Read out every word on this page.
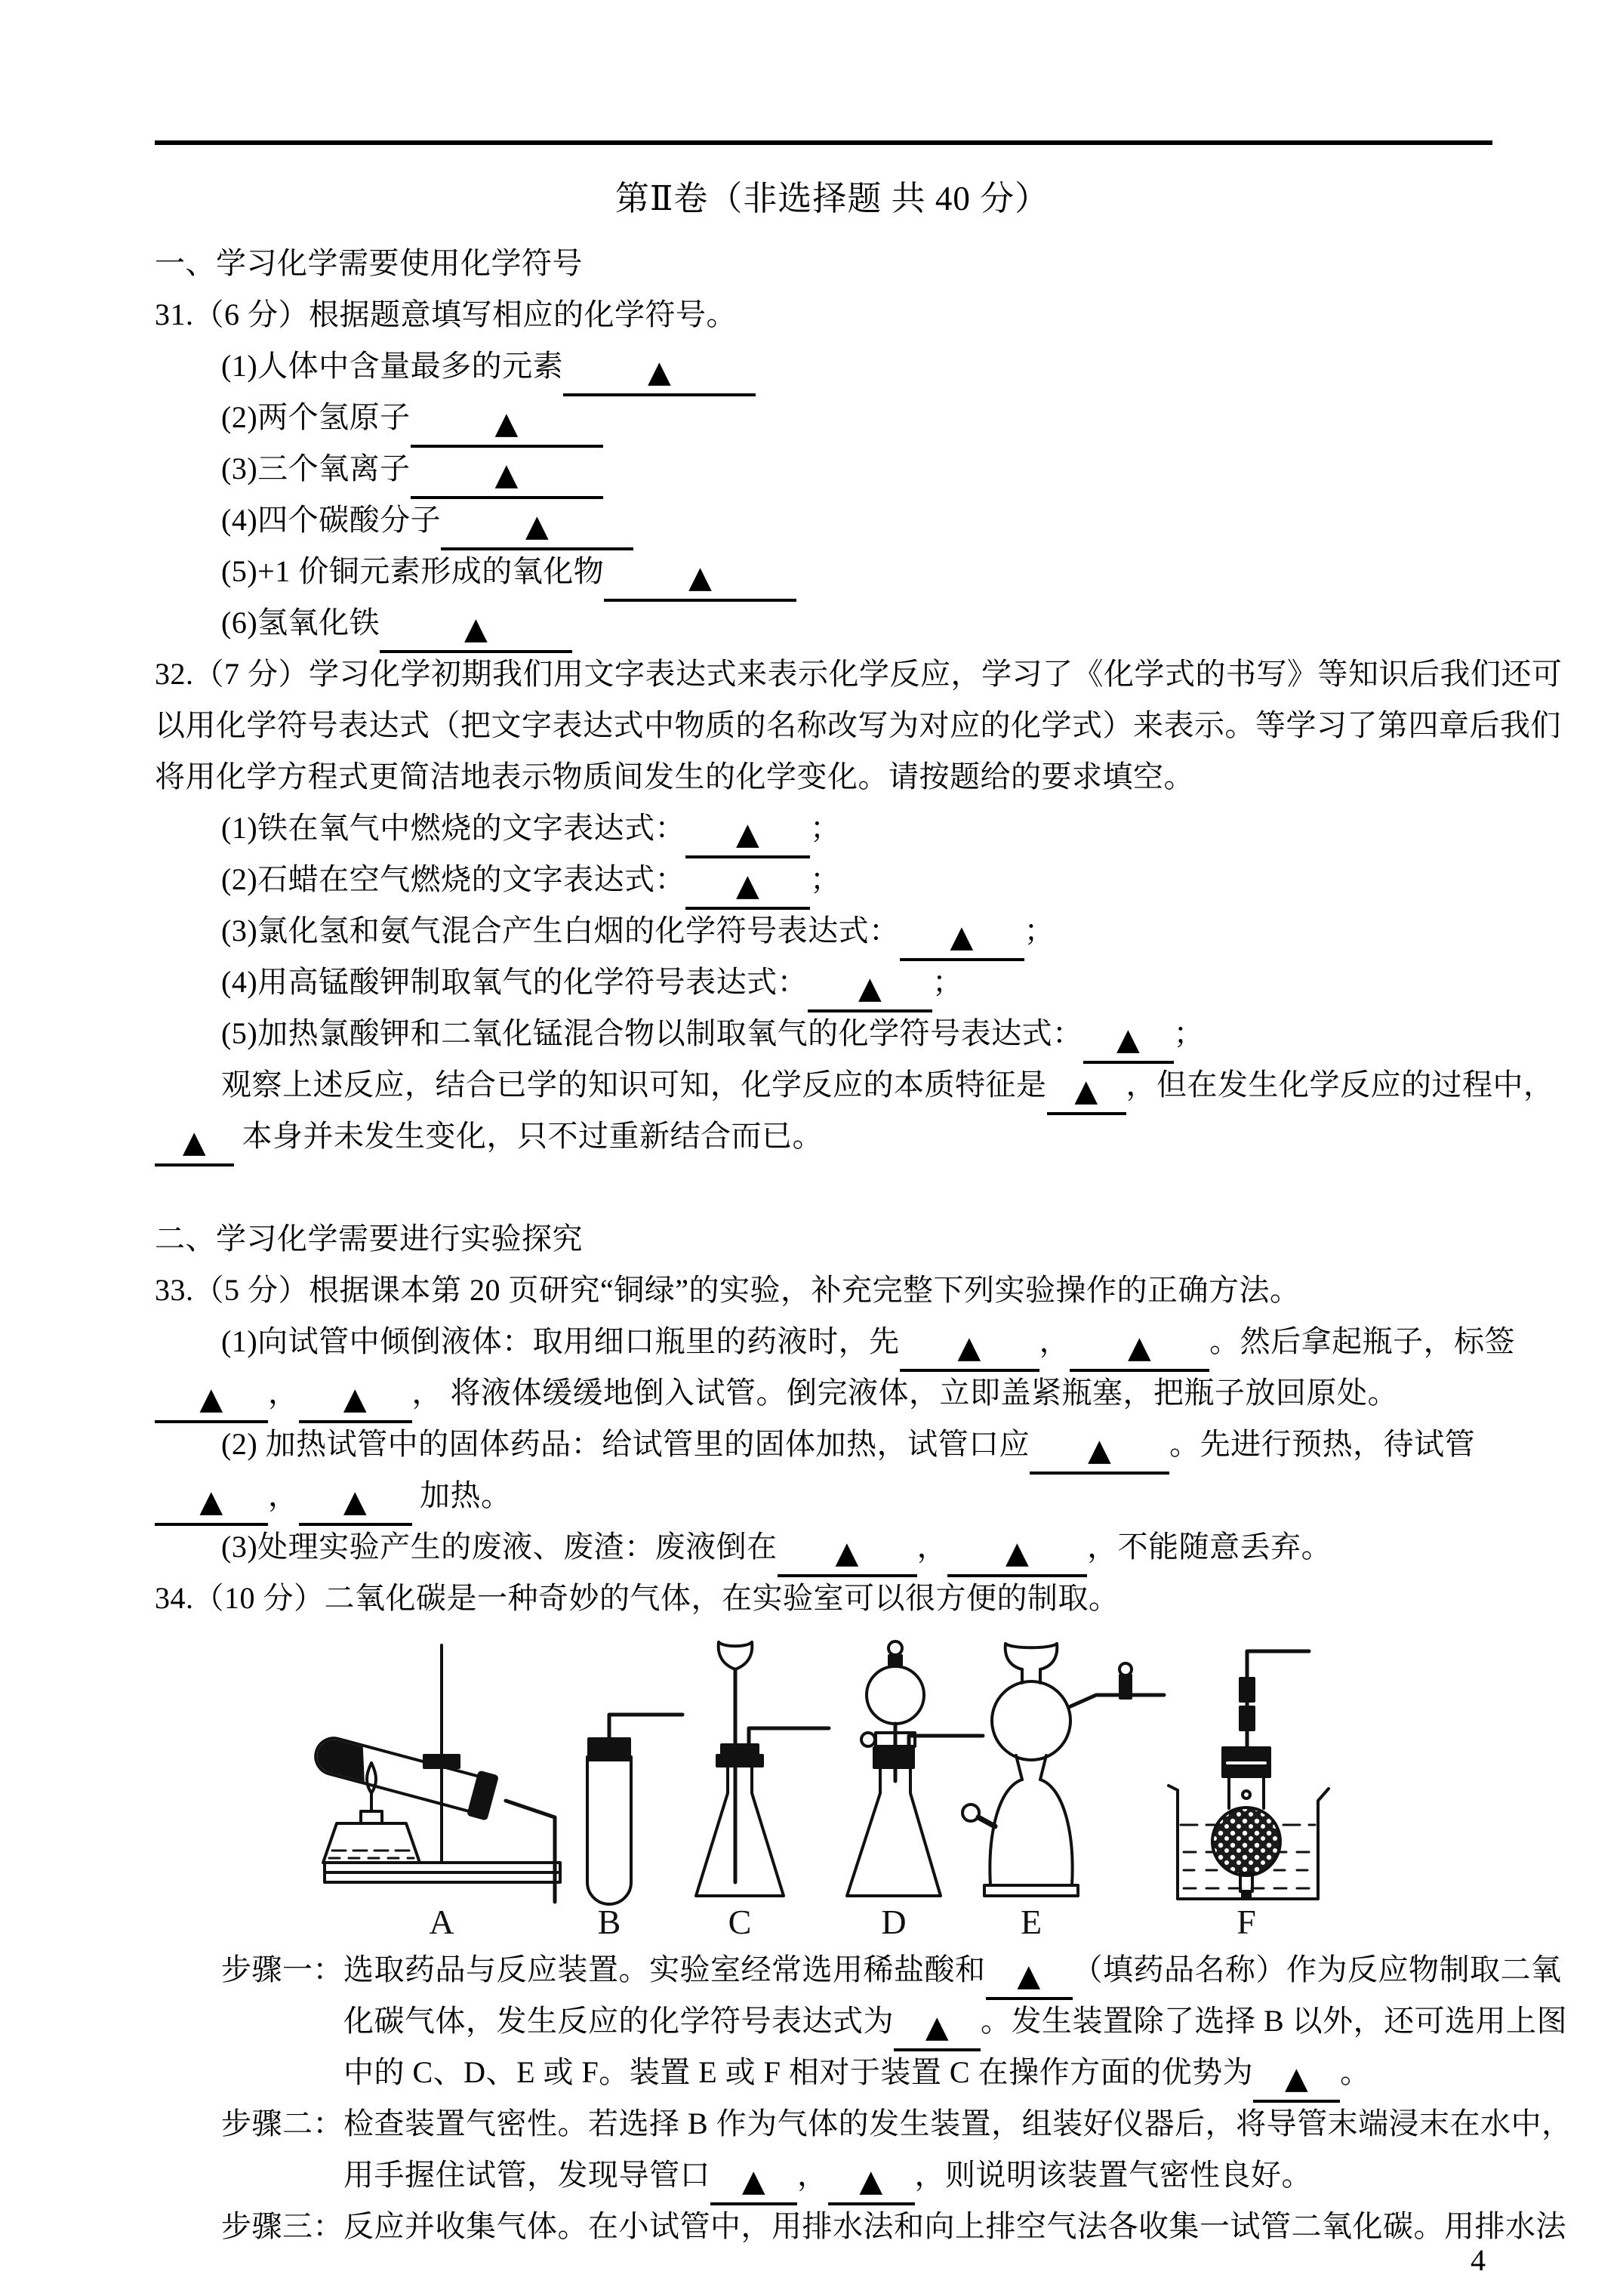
第Ⅱ卷（非选择题 共 40 分）
一、学习化学需要使用化学符号
31.（6 分）根据题意填写相应的化学符号。
(1)人体中含量最多的元素	▲
(2)两个氢原子	▲
(3)三个氧离子	▲
(4)四个碳酸分子	▲
(5)+1 价铜元素形成的氧化物	▲
(6)氢氧化铁	▲
32.（7 分）学习化学初期我们用文字表达式来表示化学反应，学习了《化学式的书写》等知识后我们还可
以用化学符号表达式（把文字表达式中物质的名称改写为对应的化学式）来表示。等学习了第四章后我们
将用化学方程式更简洁地表示物质间发生的化学变化。请按题给的要求填空。
(1)铁在氧气中燃烧的文字表达式： ▲ ；
(2)石蜡在空气燃烧的文字表达式： ▲ ；
(3)氯化氢和氨气混合产生白烟的化学符号表达式： ▲ ；
(4)用高锰酸钾制取氧气的化学符号表达式： ▲ ；
(5)加热氯酸钾和二氧化锰混合物以制取氧气的化学符号表达式： ▲ ；
观察上述反应，结合已学的知识可知，化学反应的本质特征是 ▲ ，但在发生化学反应的过程中，
▲ 本身并未发生变化，只不过重新结合而已。
二、学习化学需要进行实验探究
33.（5 分）根据课本第 20 页研究“铜绿”的实验，补充完整下列实验操作的正确方法。
(1)向试管中倾倒液体：取用细口瓶里的药液时，先 ▲ ， ▲ 。然后拿起瓶子，标签
▲ ， ▲ ， 将液体缓缓地倒入试管。倒完液体，立即盖紧瓶塞，把瓶子放回原处。
(2) 加热试管中的固体药品：给试管里的固体加热，试管口应 ▲ 。先进行预热，待试管
▲ ， ▲ 加热。
(3)处理实验产生的废液、废渣：废液倒在 ▲ ， ▲ ，不能随意丢弃。
34.（10 分）二氧化碳是一种奇妙的气体，在实验室可以很方便的制取。
A	B	C	D	E	F
步骤一：选取药品与反应装置。实验室经常选用稀盐酸和 ▲ （填药品名称）作为反应物制取二氧
化碳气体，发生反应的化学符号表达式为 ▲ 。发生装置除了选择 B 以外，还可选用上图
中的 C、D、E 或 F。装置 E 或 F 相对于装置 C 在操作方面的优势为 ▲ 。
步骤二：检查装置气密性。若选择 B 作为气体的发生装置，组装好仪器后，将导管末端浸末在水中，
用手握住试管，发现导管口 ▲ ， ▲ ，则说明该装置气密性良好。
步骤三：反应并收集气体。在小试管中，用排水法和向上排空气法各收集一试管二氧化碳。用排水法
4
